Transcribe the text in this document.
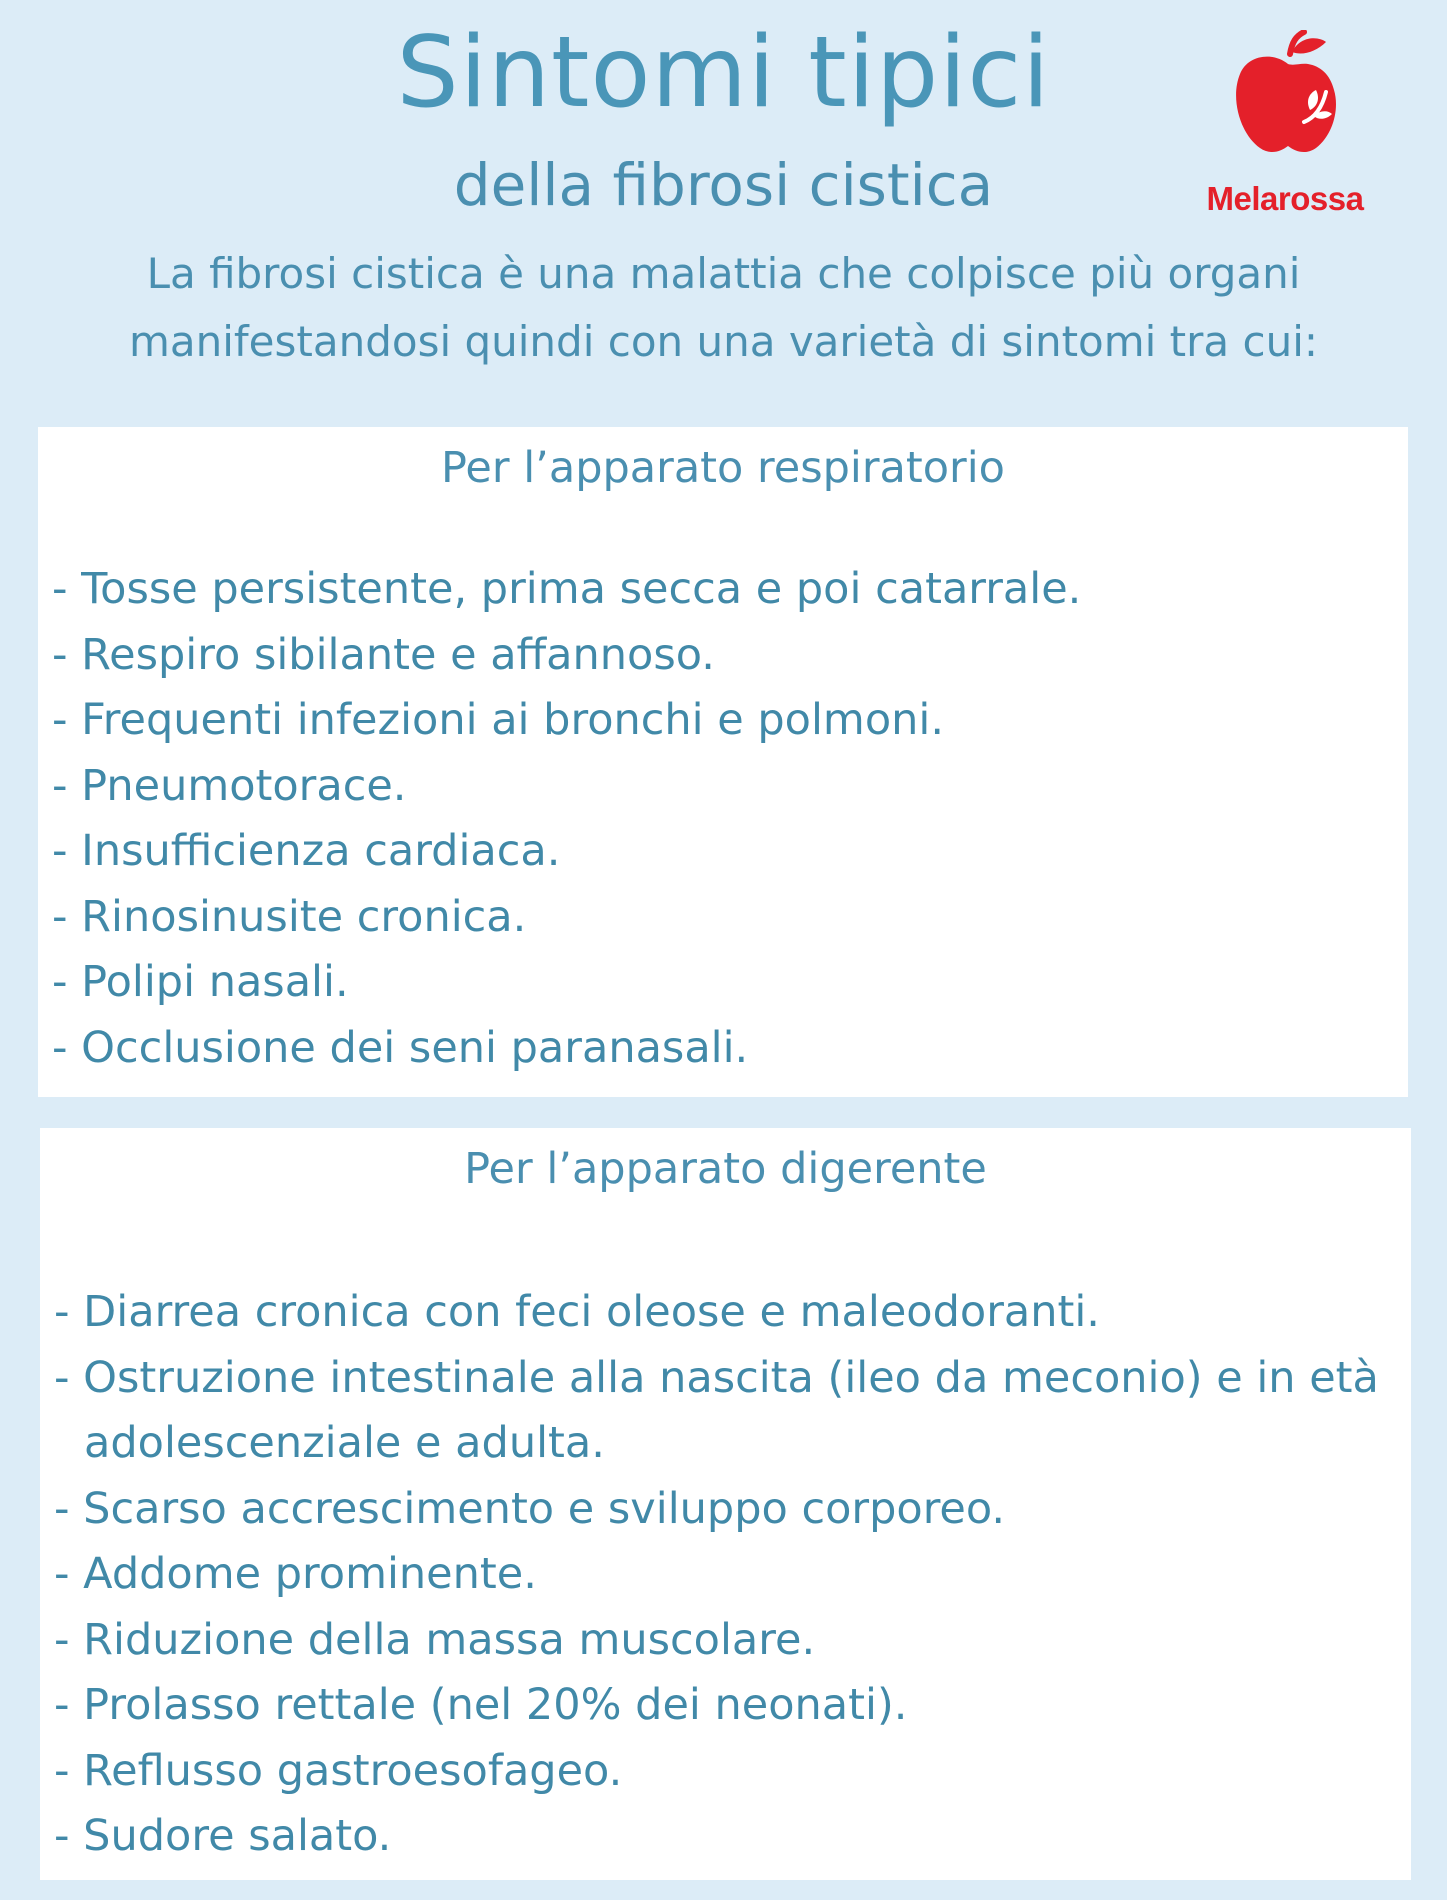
Sintomi tipici
della fibrosi cistica
La fibrosi cistica è una malattia che colpisce più organi manifestandosi quindi con una varietà di sintomi tra cui:
Melarossa
Per l’apparato respiratorio
- Tosse persistente, prima secca e poi catarrale.
- Respiro sibilante e affannoso.
- Frequenti infezioni ai bronchi e polmoni.
- Pneumotorace.
- Insufficienza cardiaca.
- Rinosinusite cronica.
- Polipi nasali.
- Occlusione dei seni paranasali.
Per l’apparato digerente
- Diarrea cronica con feci oleose e maleodoranti.
- Ostruzione intestinale alla nascita (ileo da meconio) e in età adolescenziale e adulta.
- Scarso accrescimento e sviluppo corporeo.
- Addome prominente.
- Riduzione della massa muscolare.
- Prolasso rettale (nel 20% dei neonati).
- Reflusso gastroesofageo.
- Sudore salato.
